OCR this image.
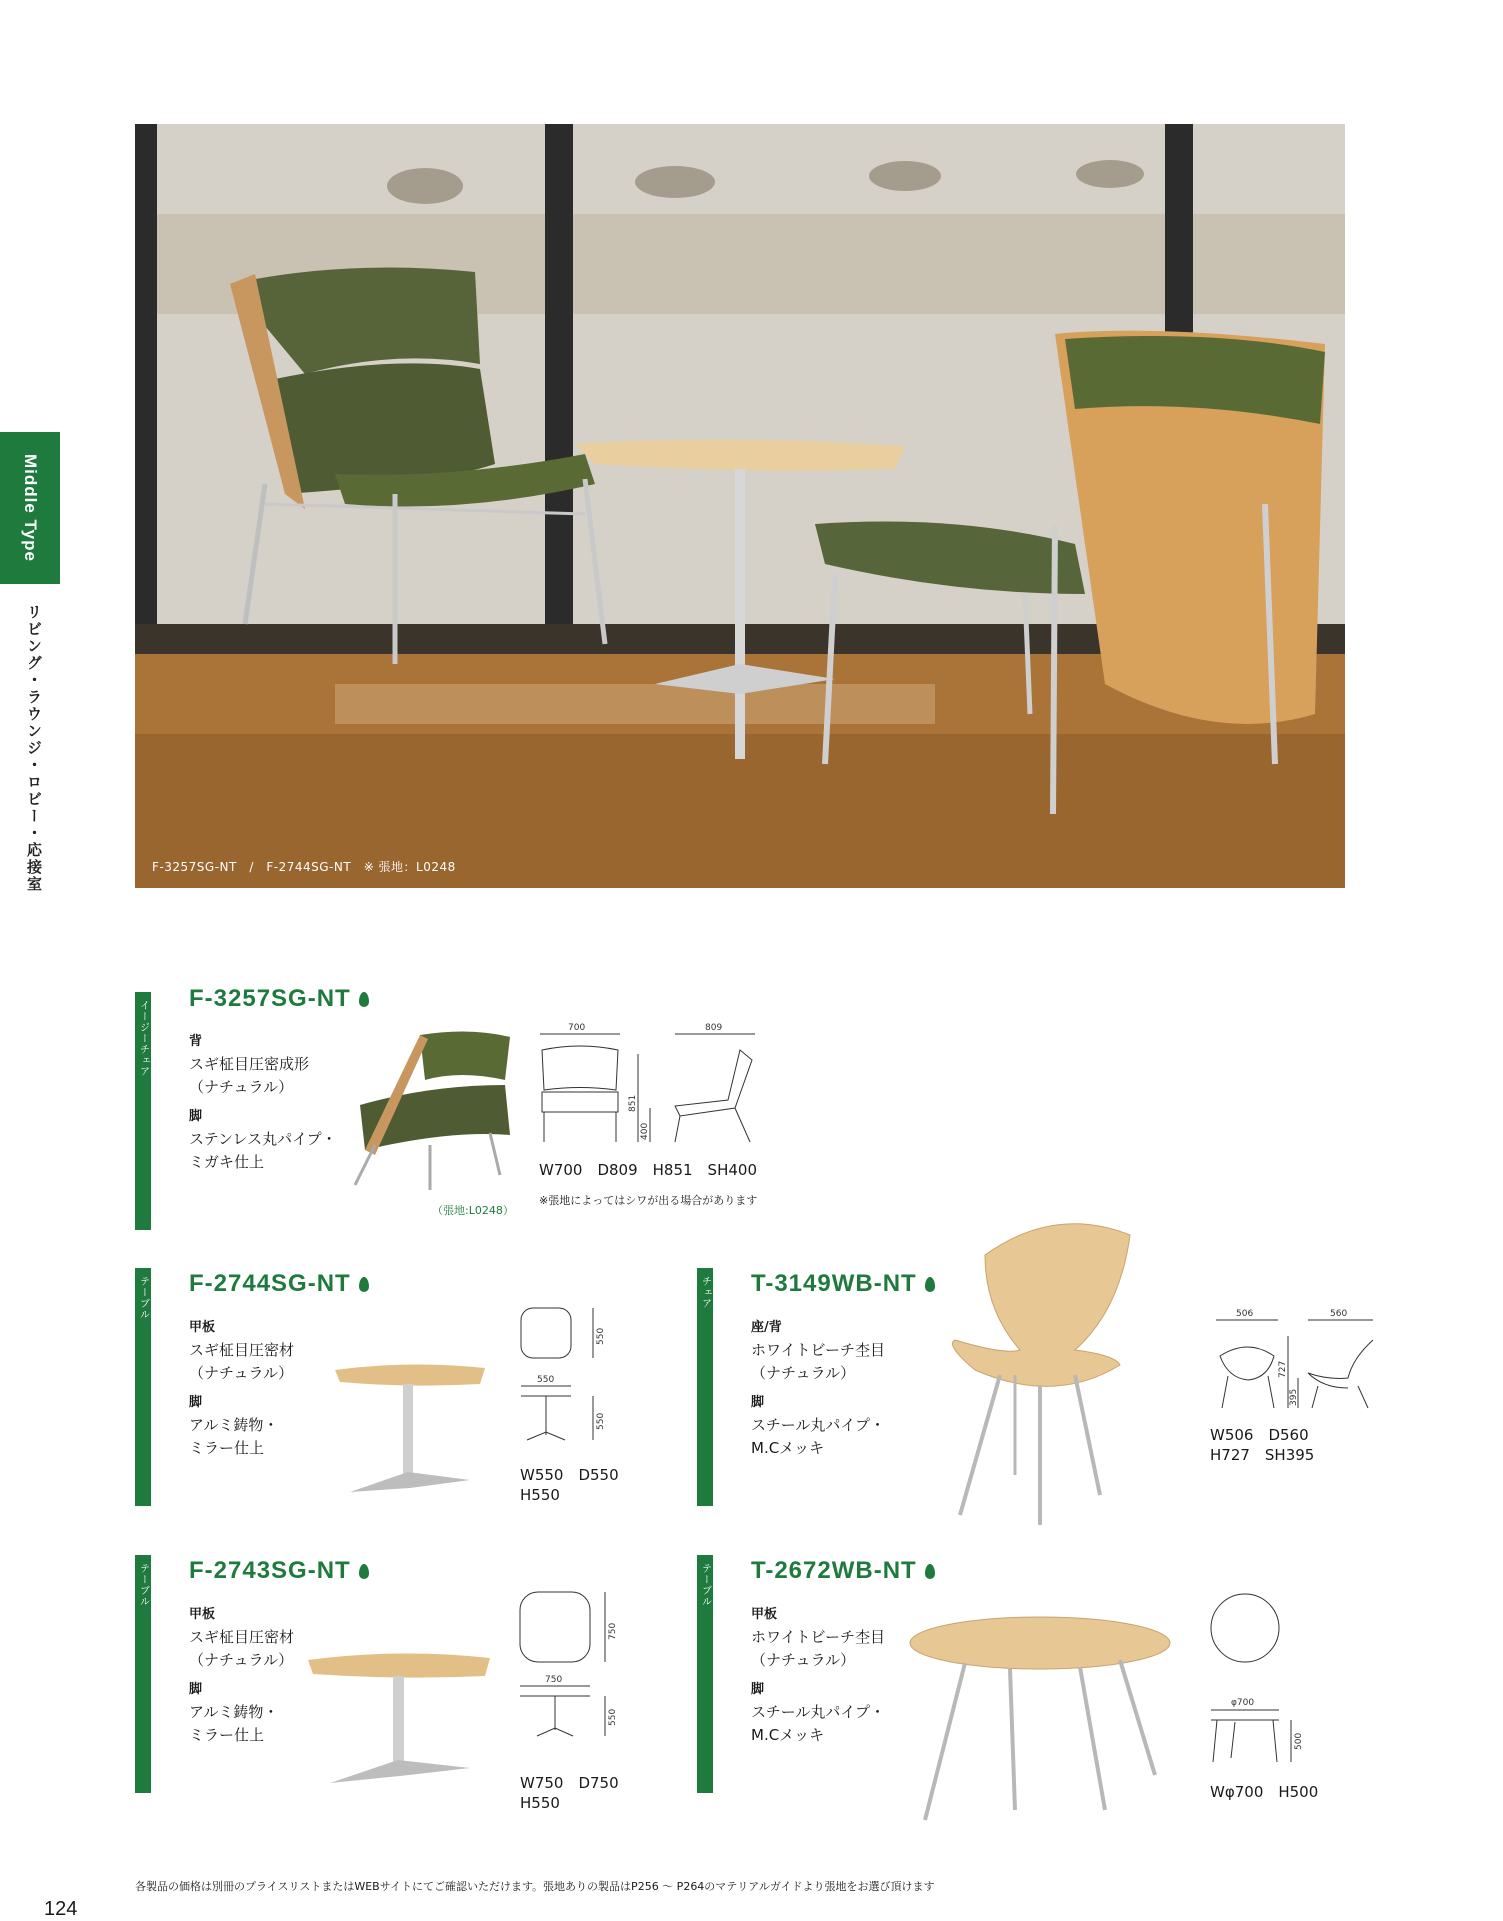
Middle Type
リビング・ラウンジ・ロビー・応接室	F-3257SG-NT　/　F-2744SG-NT　※ 張地：L0248
イージーチェア
F-3257SG-NT
背
スギ柾目圧密成形
（ナチュラル）
脚
ステンレス丸パイプ・
ミガキ仕上
（張地:L0248）
700	809
851
400
W700　D809　H851　SH400
※張地によってはシワが出る場合があります
テーブル F-2744SG-NT
甲板
スギ柾目圧密材
（ナチュラル）
脚
アルミ鋳物・
ミラー仕上
550
550
550
W550　D550
H550
チェア T-3149WB-NT
座/背
ホワイトビーチ杢目
（ナチュラル）
脚
スチール丸パイプ・
M.Cメッキ
506	560
727
395
W506　D560
H727　SH395
テーブル F-2743SG-NT
甲板
スギ柾目圧密材
（ナチュラル）
脚
アルミ鋳物・
ミラー仕上
750
750
550
W750　D750
H550
テーブル T-2672WB-NT
甲板
ホワイトビーチ杢目
（ナチュラル）
脚
スチール丸パイプ・
M.Cメッキ
φ700
500
Wφ700　H500
各製品の価格は別冊のプライスリストまたはWEBサイトにてご確認いただけます。張地ありの製品はP256 〜 P264のマテリアルガイドより張地をお選び頂けます
124
